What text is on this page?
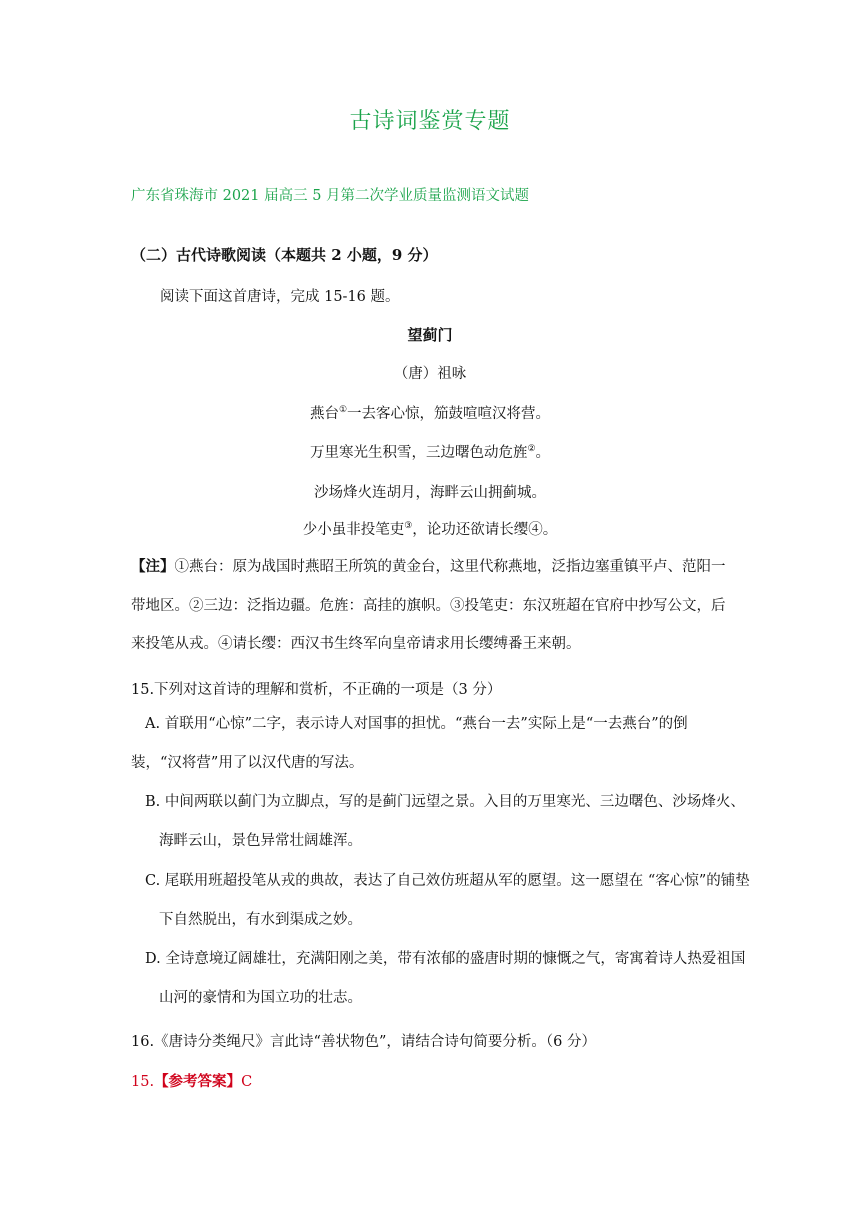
古诗词鉴赏专题
广东省珠海市 2021 届高三 5 月第二次学业质量监测语文试题
（二）古代诗歌阅读（本题共 2 小题，9 分）
阅读下面这首唐诗，完成 15-16 题。
望蓟门
（唐）祖咏
燕台①一去客心惊，笳鼓喧喧汉将营。
万里寒光生积雪，三边曙色动危旌②。
沙场烽火连胡月，海畔云山拥蓟城。
少小虽非投笔吏③，论功还欲请长缨④。
【注】①燕台：原为战国时燕昭王所筑的黄金台，这里代称燕地，泛指边塞重镇平卢、范阳一带地区。②三边：泛指边疆。危旌：高挂的旗帜。③投笔吏：东汉班超在官府中抄写公文，后来投笔从戎。④请长缨：西汉书生终军向皇帝请求用长缨缚番王来朝。
15.下列对这首诗的理解和赏析，不正确的一项是（3 分）
A. 首联用“心惊”二字，表示诗人对国事的担忧。“燕台一去”实际上是“一去燕台”的倒装，“汉将营”用了以汉代唐的写法。
B. 中间两联以蓟门为立脚点，写的是蓟门远望之景。入目的万里寒光、三边曙色、沙场烽火、海畔云山，景色异常壮阔雄浑。
C. 尾联用班超投笔从戎的典故，表达了自己效仿班超从军的愿望。这一愿望在 “客心惊”的铺垫下自然脱出，有水到渠成之妙。
D. 全诗意境辽阔雄壮，充满阳刚之美，带有浓郁的盛唐时期的慷慨之气，寄寓着诗人热爱祖国山河的豪情和为国立功的壮志。
16.《唐诗分类绳尺》言此诗“善状物色”，请结合诗句简要分析。（6 分）
15.【参考答案】C
